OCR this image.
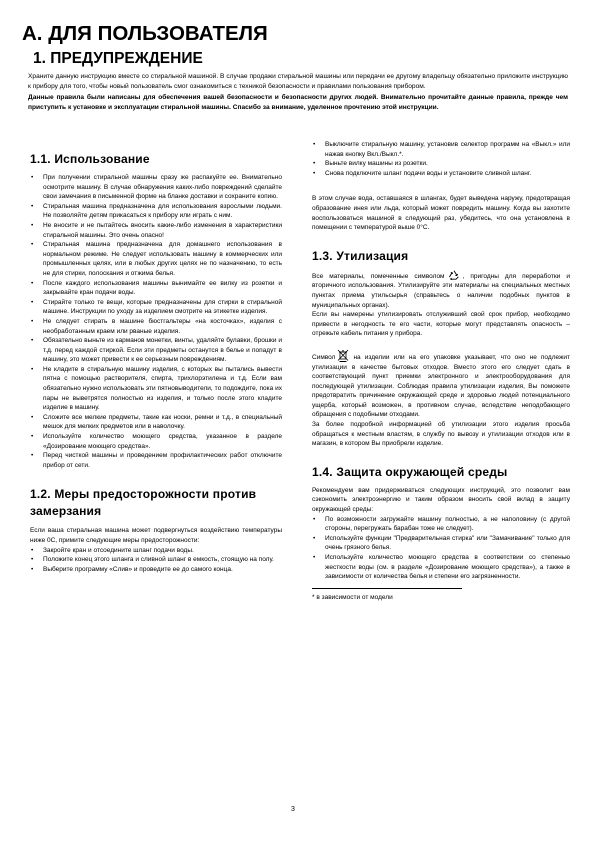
A. ДЛЯ ПОЛЬЗОВАТЕЛЯ
1. ПРЕДУПРЕЖДЕНИЕ

Храните данную инструкцию вместе со стиральной машиной. В случае продажи стиральной машины или передачи ее другому владельцу обязательно приложите инструкцию к прибору для того, чтобы новый пользователь смог ознакомиться с техникой безопасности и правилами пользования прибором.

Данные правила были написаны для обеспечения вашей безопасности и безопасности других людей. Внимательно прочитайте данные правила, прежде чем приступить к установке и эксплуатации стиральной машины. Спасибо за внимание, уделенное прочтению этой инструкции.

1.1. Использование
• При получении стиральной машины сразу же распакуйте ее. Внимательно осмотрите машину. В случае обнаружения каких-либо повреждений сделайте свои замечания в письменной форме на бланке доставки и сохраните копию.
• Стиральная машина предназначена для использования взрослыми людьми. Не позволяйте детям прикасаться к прибору или играть с ним.
• Не вносите и не пытайтесь вносить какие-либо изменения в характеристики стиральной машины. Это очень опасно!
• Стиральная машина предназначена для домашнего использования в нормальном режиме. Не следует использовать машину в коммерческих или промышленных целях, или в любых других целях не по назначению, то есть не для стирки, полоскания и отжима белья.
• После каждого использования машины вынимайте ее вилку из розетки и закрывайте кран подачи воды.
• Стирайте только те вещи, которые предназначены для стирки в стиральной машине. Инструкции по уходу за изделием смотрите на этикетке изделия.
• Не следует стирать в машине бюстгальтеры «на косточках», изделия с необработанным краем или рваные изделия.
• Обязательно выньте из карманов монетки, винты, удаляйте булавки, брошки и т.д. перед каждой стиркой. Если эти предметы останутся в белье и попадут в машину, это может привести к ее серьезным повреждениям.
• Не кладите в стиральную машину изделия, с которых вы пытались вывести пятна с помощью растворителя, спирта, трихлорэтилена и т.д. Если вам обязательно нужно использовать эти пятновыводители, то подождите, пока их пары не выветрятся полностью из изделия, и только после этого кладите изделие в машину.
• Сложите все мелкие предметы, такие как носки, ремни и т.д., в специальный мешок для мелких предметов или в наволочку.
• Используйте количество моющего средства, указанное в разделе «Дозирование моющего средства».
• Перед чисткой машины и проведением профилактических работ отключите прибор от сети.
1.2. Меры предосторожности против замерзания

Если ваша стиральная машина может подвергнуться воздействию температуры ниже 0С, примите следующие меры предосторожности:

• Закройте кран и отсоедините шланг подачи воды.
• Положите конец этого шланга и сливной шланг в емкость, стоящую на полу.
• Выберите программу «Слив» и проведите ее до самого конца.
• Выключите стиральную машину, установив селектор программ на «Выкл.» или нажав кнопку Вкл./Выкл.*.
• Выньте вилку машины из розетки.
• Снова подключите шланг подачи воды и установите сливной шланг.

В этом случае вода, оставшаяся в шлангах, будет выведена наружу, предотвращая образование инея или льда, который может повредить машину. Когда вы захотите воспользоваться машиной в следующий раз, убедитесь, что она установлена в помещении с температурой выше 0°С.

1.3. Утилизация

Все материалы, помеченные символом	, пригодны для переработки и вторичного использования. Утилизируйте эти материалы на специальных местных пунктах приема утильсырья (справьтесь о наличии подобных пунктов в муниципальных органах).

Если вы намерены утилизировать отслуживший свой срок прибор, необходимо привести в негодность те его части, которые могут представлять опасность – отрежьте кабель питания у прибора.

Символ	на изделии или на его упаковке указывает, что оно не подлежит утилизации в качестве бытовых отходов. Вместо этого его следует сдать в соответствующий пункт приемки электронного и электрооборудования для последующей утилизации. Соблюдая правила утилизации изделия, Вы поможете предотвратить причинение окружающей среде и здоровью людей потенциального ущерба, который возможен, в противном случае, вследствие неподобающего обращения с подобными отходами.

За более подробной информацией об утилизации этого изделия просьба обращаться к местным властям, в службу по вывозу и утилизации отходов или в магазин, в котором Вы приобрели изделие.

1.4. Защита окружающей среды

Рекомендуем вам придерживаться следующих инструкций, это позволит вам сэкономить электроэнергию и таким образом вносить свой вклад в защиту окружающей среды:

• По возможности загружайте машину полностью, а не наполовину (с другой стороны, перегружать барабан тоже не следует).
• Используйте функции "Предварительная стирка" или "Замачивание" только для очень грязного белья.
• Используйте количество моющего средства в соответствии со степенью жесткости воды (см. в разделе «Дозирование моющего средства»), а также в зависимости от количества белья и степени его загрязненности.

* в зависимости от модели

3
